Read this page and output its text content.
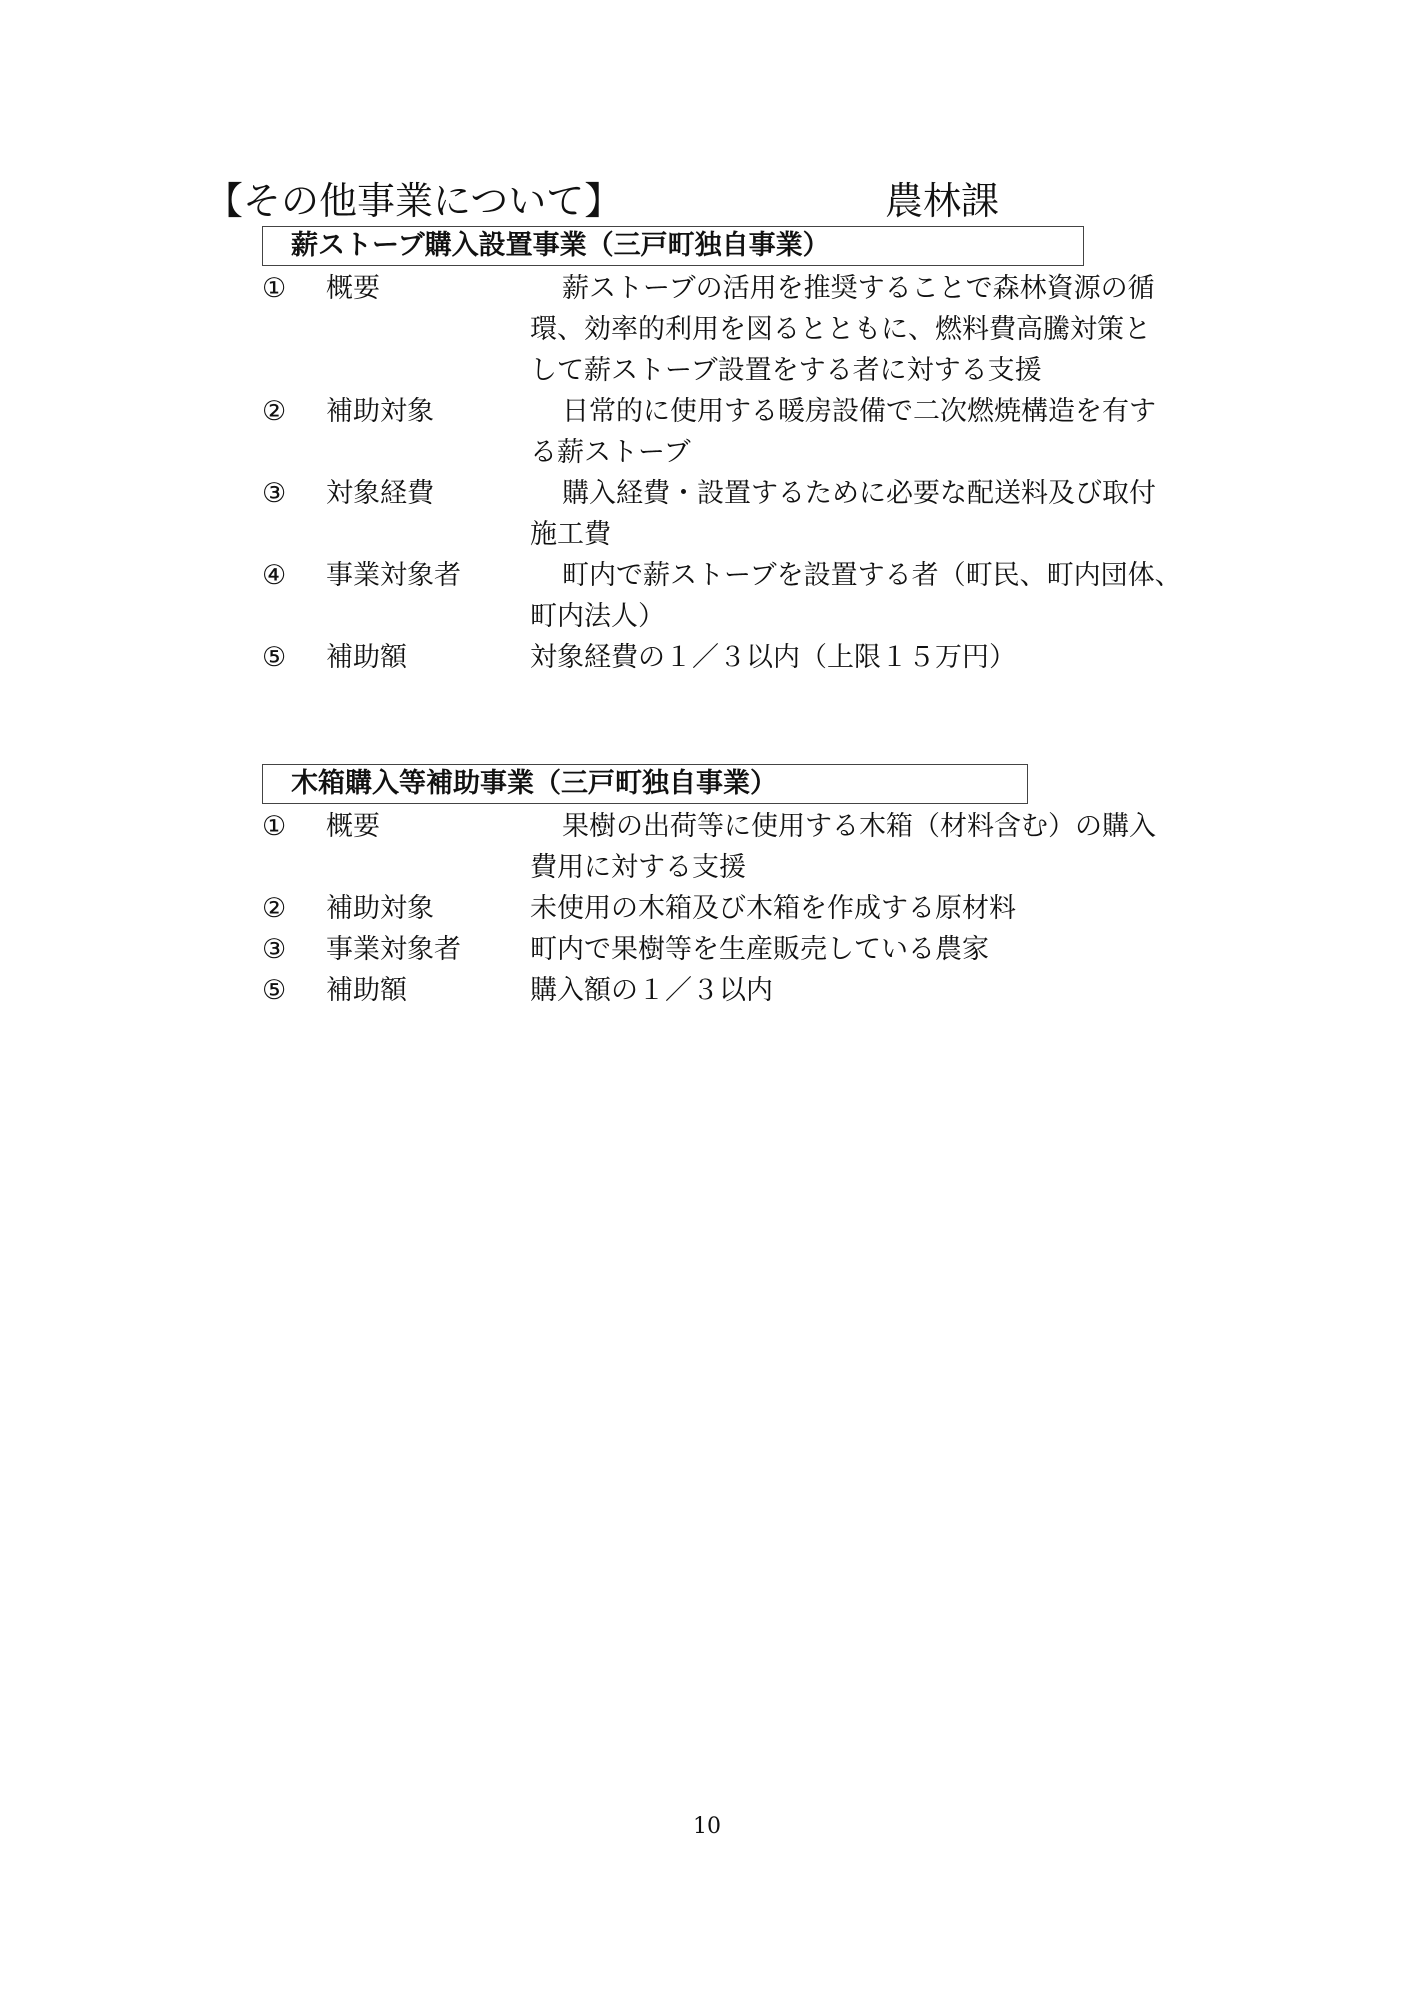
【その他事業について】	農林課
薪ストーブ購入設置事業（三戸町独自事業）
①	概要	薪ストーブの活用を推奨することで森林資源の循
環、効率的利用を図るとともに、燃料費高騰対策と
して薪ストーブ設置をする者に対する支援
②	補助対象	日常的に使用する暖房設備で二次燃焼構造を有す
る薪ストーブ
③	対象経費	購入経費・設置するために必要な配送料及び取付
施工費
④	事業対象者	町内で薪ストーブを設置する者（町民、町内団体、
町内法人）
⑤	補助額	対象経費の１／３以内（上限１５万円）
木箱購入等補助事業（三戸町独自事業）
①	概要	果樹の出荷等に使用する木箱（材料含む）の購入
費用に対する支援
②	補助対象	未使用の木箱及び木箱を作成する原材料
③	事業対象者	町内で果樹等を生産販売している農家
⑤	補助額	購入額の１／３以内
10
